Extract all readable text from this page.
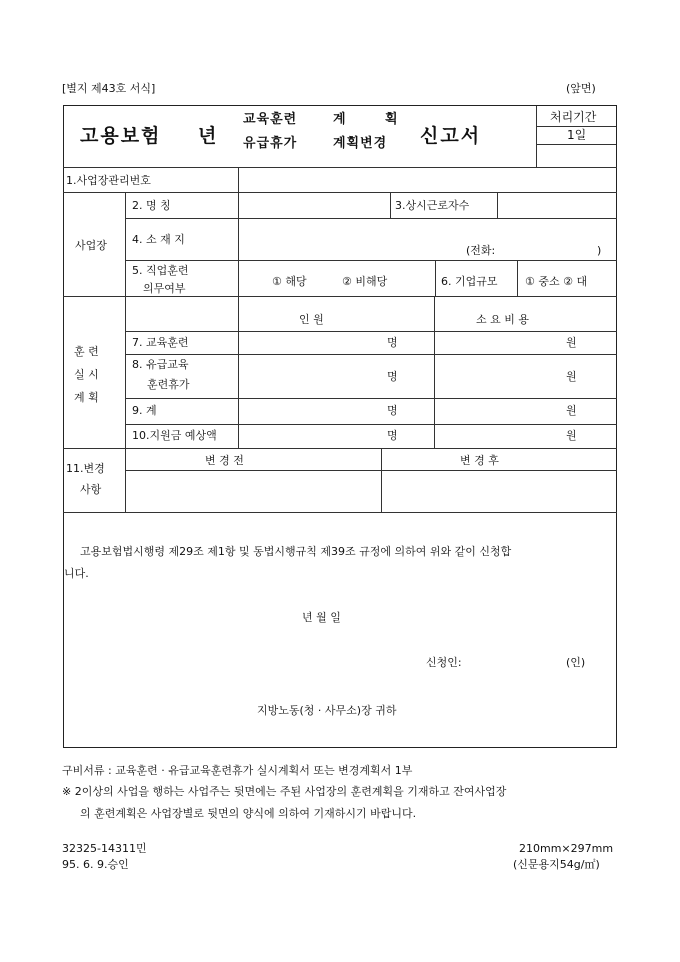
[별지 제43호 서식]	(앞면)
고용보험 년
교육훈련	계	획
유급휴가	계획변경 신고서
처리기간
1일
1.사업장관리번호
사업장
2. 명 칭	3.상시근로자수
4. 소 재 지
(전화:	)
5. 직업훈련
의무여부
① 해당	② 비해당	6. 기업규모	① 중소 ② 대
훈 련
실 시
계 획
인 원	소 요 비 용
7. 교육훈련	명	원
8. 유급교육
훈련휴가
명	원
9. 계	명	원
10.지원금 예상액	명	원
11.변경
사항
변 경 전	변 경 후
고용보험법시행령 제29조 제1항 및 동법시행규칙 제39조 규정에 의하여 위와 같이 신청합
니다.
년 월 일
신청인:	(인)
지방노동(청 · 사무소)장 귀하
구비서류 : 교육훈련 · 유급교육훈련휴가 실시계획서 또는 변경계획서 1부
※ 2이상의 사업을 행하는 사업주는 뒷면에는 주된 사업장의 훈련계획을 기재하고 잔여사업장
의 훈련계획은 사업장별로 뒷면의 양식에 의하여 기재하시기 바랍니다.
32325-14311민
95. 6. 9.승인
210mm×297mm
(신문용지54g/㎡)
